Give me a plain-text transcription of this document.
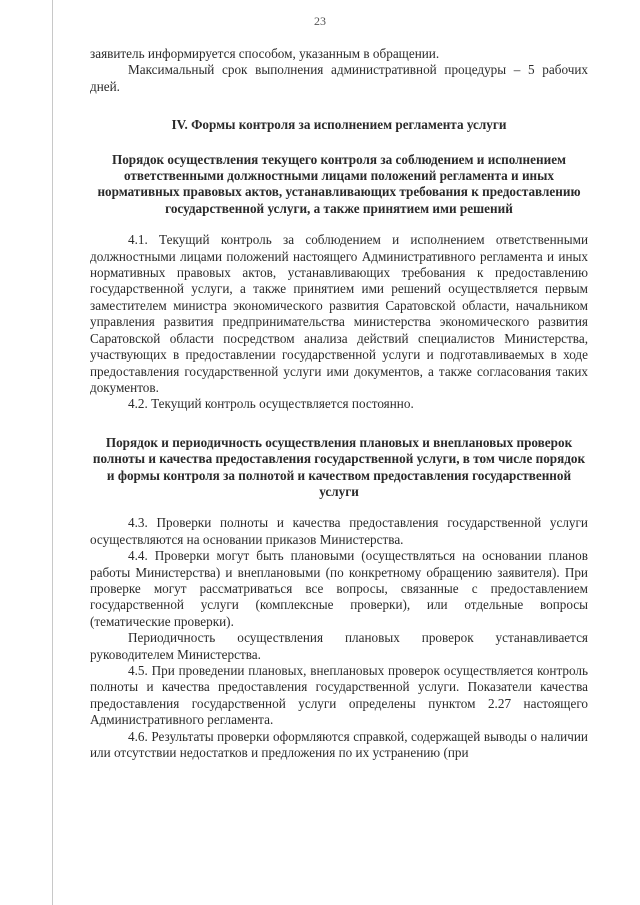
23

заявитель информируется способом, указанным в обращении.

Максимальный срок выполнения административной процедуры – 5 рабочих дней.

IV. Формы контроля за исполнением регламента услуги
Порядок осуществления текущего контроля за соблюдением и исполнением ответственными должностными лицами положений регламента и иных нормативных правовых актов, устанавливающих требования к предоставлению государственной услуги, а также принятием ими решений

4.1. Текущий контроль за соблюдением и исполнением ответственными должностными лицами положений настоящего Административного регламента и иных нормативных правовых актов, устанавливающих требования к предоставлению государственной услуги, а также принятием ими решений осуществляется первым заместителем министра экономического развития Саратовской области, начальником управления развития предпринимательства министерства экономического развития Саратовской области посредством анализа действий специалистов Министерства, участвующих в предоставлении государственной услуги и подготавливаемых в ходе предоставления государственной услуги ими документов, а также согласования таких документов.

4.2. Текущий контроль осуществляется постоянно.

Порядок и периодичность осуществления плановых и внеплановых проверок полноты и качества предоставления государственной услуги, в том числе порядок и формы контроля за полнотой и качеством предоставления государственной услуги

4.3. Проверки полноты и качества предоставления государственной услуги осуществляются на основании приказов Министерства.

4.4. Проверки могут быть плановыми (осуществляться на основании планов работы Министерства) и внеплановыми (по конкретному обращению заявителя). При проверке могут рассматриваться все вопросы, связанные с предоставлением государственной услуги (комплексные проверки), или отдельные вопросы (тематические проверки).

Периодичность осуществления плановых проверок устанавливается руководителем Министерства.

4.5. При проведении плановых, внеплановых проверок осуществляется контроль полноты и качества предоставления государственной услуги. Показатели качества предоставления государственной услуги определены пунктом 2.27 настоящего Административного регламента.

4.6. Результаты проверки оформляются справкой, содержащей выводы о наличии или отсутствии недостатков и предложения по их устранению (при
